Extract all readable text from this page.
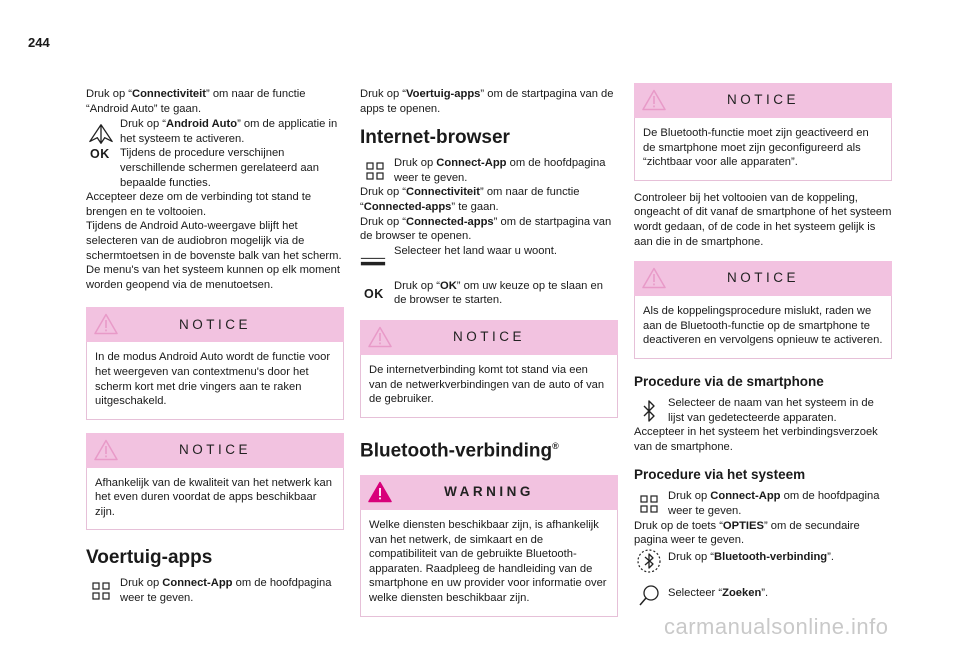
244

Druk op “Connectiviteit” om naar de functie “Android Auto” te gaan.

Druk op “Android Auto” om de applicatie in het systeem te activeren.

OK Tijdens de procedure verschijnen verschillende schermen gerelateerd aan bepaalde functies.

Accepteer deze om de verbinding tot stand te brengen en te voltooien.

Tijdens de Android Auto-weergave blijft het selecteren van de audiobron mogelijk via de schermtoetsen in de bovenste balk van het scherm.

De menu's van het systeem kunnen op elk moment worden geopend via de menutoetsen.

NOTICE
In de modus Android Auto wordt de functie voor het weergeven van contextmenu's door het scherm kort met drie vingers aan te raken uitgeschakeld.
NOTICE
Afhankelijk van de kwaliteit van het netwerk kan het even duren voordat de apps beschikbaar zijn.
Voertuig-apps

Druk op Connect-App om de hoofdpagina weer te geven.

Druk op “Voertuig-apps” om de startpagina van de apps te openen.

Internet-browser

Druk op Connect-App om de hoofdpagina weer te geven.

Druk op “Connectiviteit” om naar de functie “Connected-apps” te gaan.

Druk op “Connected-apps” om de startpagina van de browser te openen.

Selecteer het land waar u woont.

OK

Druk op “OK” om uw keuze op te slaan en de browser te starten.

NOTICE
De internetverbinding komt tot stand via een van de netwerkverbindingen van de auto of van de gebruiker.
Bluetooth-verbinding®
WARNING
Welke diensten beschikbaar zijn, is afhankelijk van het netwerk, de simkaart en de compatibiliteit van de gebruikte Bluetooth-apparaten. Raadpleeg de handleiding van de smartphone en uw provider voor informatie over welke diensten beschikbaar zijn.
NOTICE
De Bluetooth-functie moet zijn geactiveerd en de smartphone moet zijn geconfigureerd als “zichtbaar voor alle apparaten”.

Controleer bij het voltooien van de koppeling, ongeacht of dit vanaf de smartphone of het systeem wordt gedaan, of de code in het systeem gelijk is aan die in de smartphone.

NOTICE
Als de koppelingsprocedure mislukt, raden we aan de Bluetooth-functie op de smartphone te deactiveren en vervolgens opnieuw te activeren.
Procedure via de smartphone

Selecteer de naam van het systeem in de lijst van gedetecteerde apparaten.

Accepteer in het systeem het verbindingsverzoek van de smartphone.

Procedure via het systeem

Druk op Connect-App om de hoofdpagina weer te geven.

Druk op de toets “OPTIES” om de secundaire pagina weer te geven.

Druk op “Bluetooth-verbinding”.

Selecteer “Zoeken”.

carmanualsonline.info
